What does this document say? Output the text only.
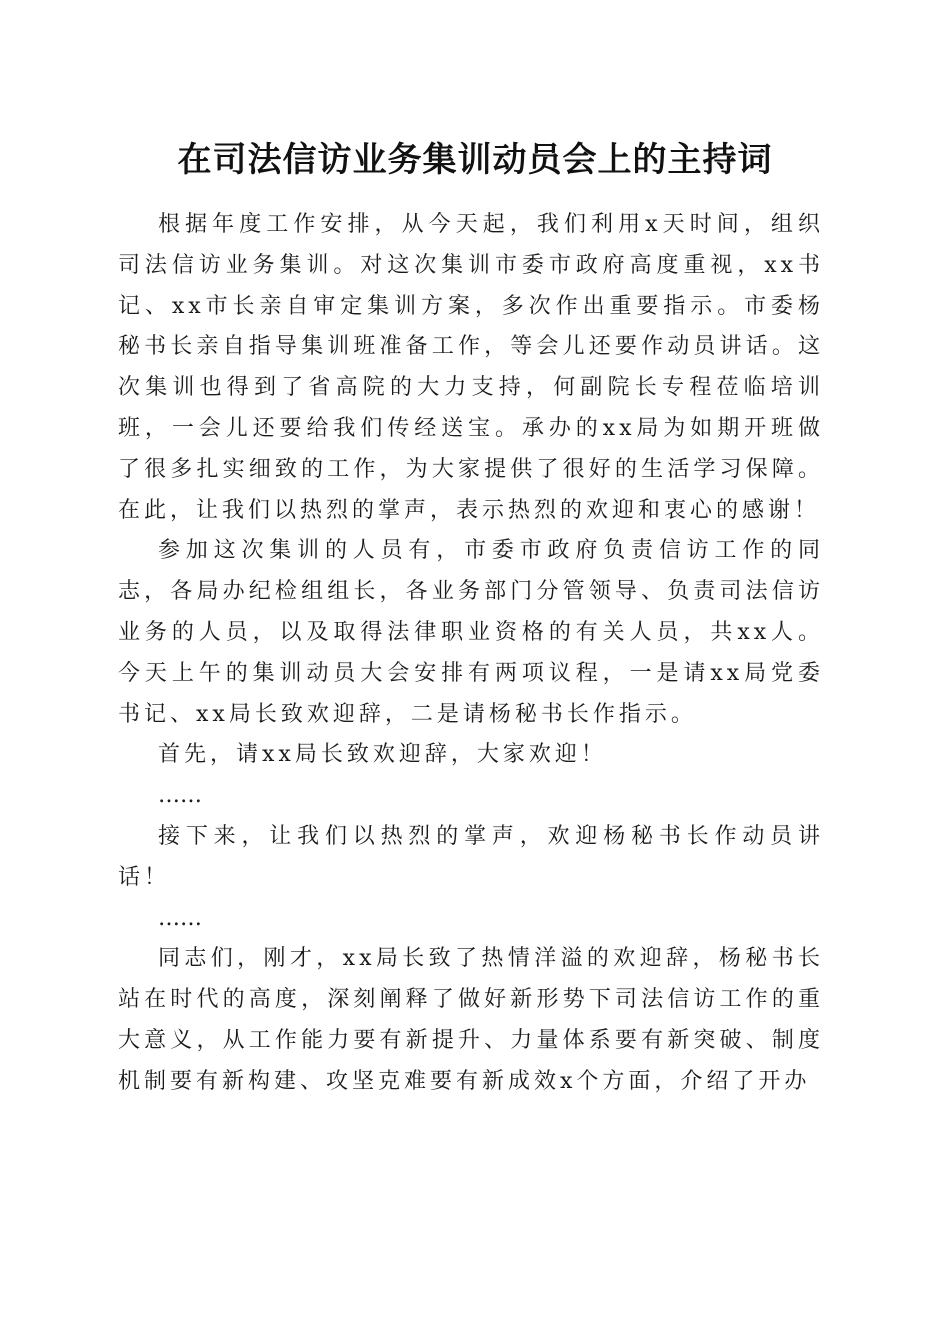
在司法信访业务集训动员会上的主持词

根据年度工作安排，从今天起，我们利用x天时间，组织司法信访业务集训。对这次集训市委市政府高度重视，xx书记、xx市长亲自审定集训方案，多次作出重要指示。市委杨秘书长亲自指导集训班准备工作，等会儿还要作动员讲话。这次集训也得到了省高院的大力支持，何副院长专程莅临培训班，一会儿还要给我们传经送宝。承办的xx局为如期开班做了很多扎实细致的工作，为大家提供了很好的生活学习保障。在此，让我们以热烈的掌声，表示热烈的欢迎和衷心的感谢！

参加这次集训的人员有，市委市政府负责信访工作的同志，各局办纪检组组长，各业务部门分管领导、负责司法信访业务的人员，以及取得法律职业资格的有关人员，共xx人。今天上午的集训动员大会安排有两项议程，一是请xx局党委书记、xx局长致欢迎辞，二是请杨秘书长作指示。

首先，请xx局长致欢迎辞，大家欢迎！

……

接下来，让我们以热烈的掌声，欢迎杨秘书长作动员讲话！

……

同志们，刚才，xx局长致了热情洋溢的欢迎辞，杨秘书长站在时代的高度，深刻阐释了做好新形势下司法信访工作的重大意义，从工作能力要有新提升、力量体系要有新突破、制度机制要有新构建、攻坚克难要有新成效x个方面，介绍了开办
